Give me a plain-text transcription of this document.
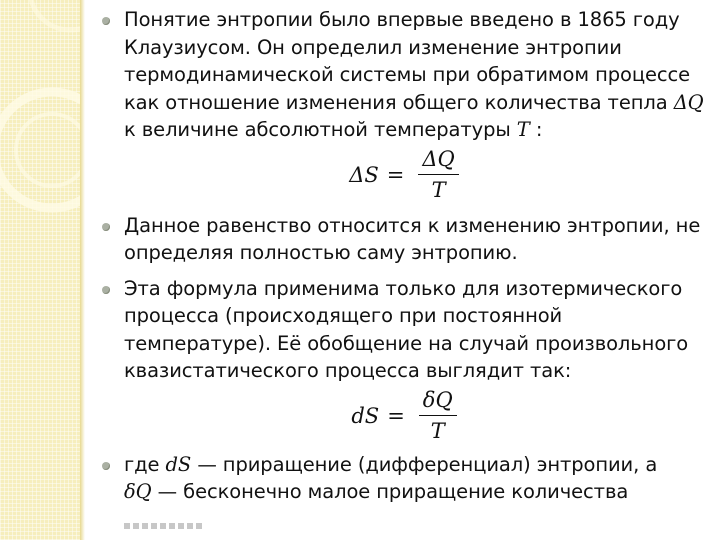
Понятие энтропии было впервые введено в 1865 году

Клаузиусом. Он определил изменение энтропии

термодинамической системы при обратимом процессе

как отношение изменения общего количества тепла ΔQ

к величине абсолютной температуры T :

$\Delta S = \frac{\Delta Q}{T}$

Данное равенство относится к изменению энтропии, не

определяя полностью саму энтропию.

Эта формула применима только для изотермического

процесса (происходящего при постоянной

температуре). Её обобщение на случай произвольного

квазистатического процесса выглядит так:

dS = $\frac{\delta Q}{T}$

где dS — приращение (дифференциал) энтропии, а

δQ — бесконечно малое приращение количества
